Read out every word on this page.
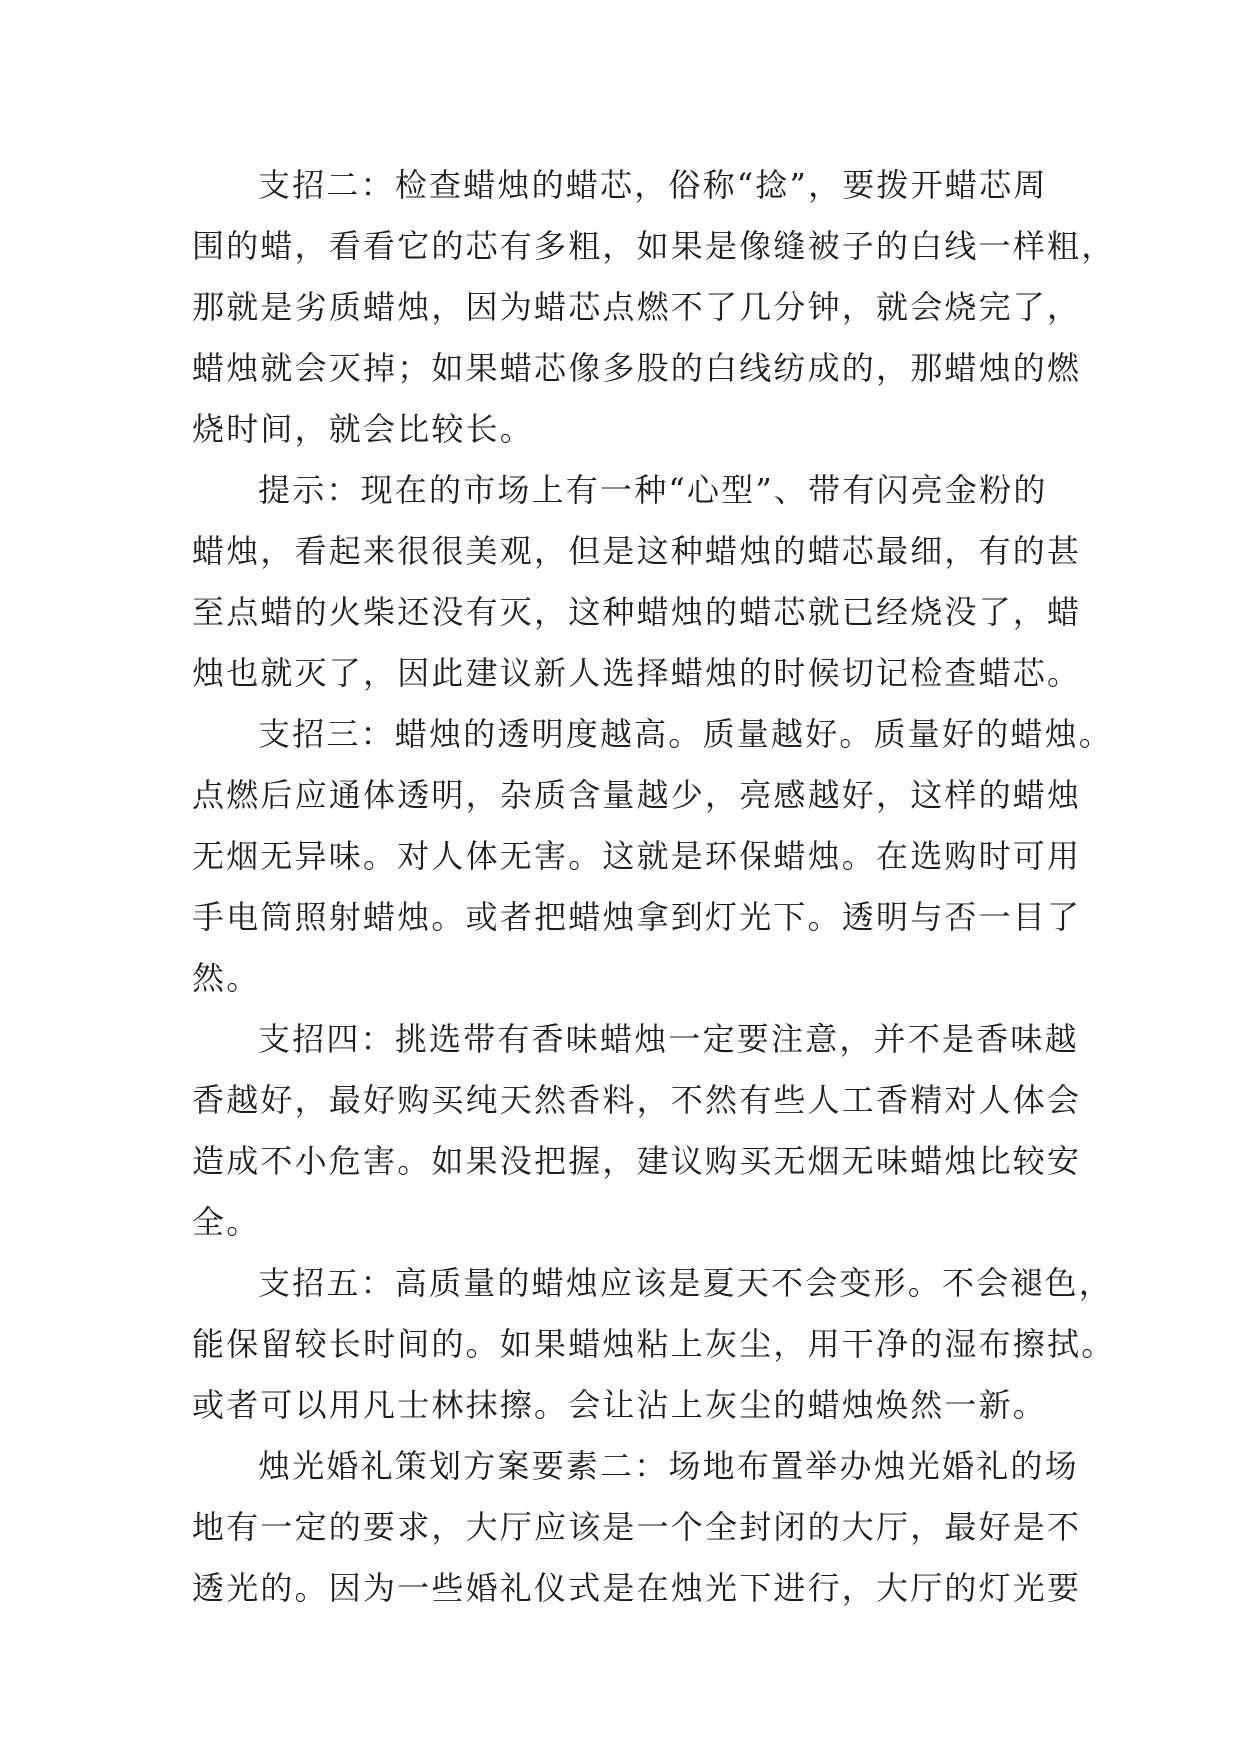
支招二：检查蜡烛的蜡芯，俗称“捻”，要拨开蜡芯周
围的蜡，看看它的芯有多粗，如果是像缝被子的白线一样粗，
那就是劣质蜡烛，因为蜡芯点燃不了几分钟，就会烧完了，
蜡烛就会灭掉；如果蜡芯像多股的白线纺成的，那蜡烛的燃
烧时间，就会比较长。
提示：现在的市场上有一种“心型”、带有闪亮金粉的
蜡烛，看起来很很美观，但是这种蜡烛的蜡芯最细，有的甚
至点蜡的火柴还没有灭，这种蜡烛的蜡芯就已经烧没了，蜡
烛也就灭了，因此建议新人选择蜡烛的时候切记检查蜡芯。
支招三：蜡烛的透明度越高。质量越好。质量好的蜡烛。
点燃后应通体透明，杂质含量越少，亮感越好，这样的蜡烛
无烟无异味。对人体无害。这就是环保蜡烛。在选购时可用
手电筒照射蜡烛。或者把蜡烛拿到灯光下。透明与否一目了
然。
支招四：挑选带有香味蜡烛一定要注意，并不是香味越
香越好，最好购买纯天然香料，不然有些人工香精对人体会
造成不小危害。如果没把握，建议购买无烟无味蜡烛比较安
全。
支招五：高质量的蜡烛应该是夏天不会变形。不会褪色，
能保留较长时间的。如果蜡烛粘上灰尘，用干净的湿布擦拭。
或者可以用凡士林抹擦。会让沾上灰尘的蜡烛焕然一新。
烛光婚礼策划方案要素二：场地布置举办烛光婚礼的场
地有一定的要求，大厅应该是一个全封闭的大厅，最好是不
透光的。因为一些婚礼仪式是在烛光下进行，大厅的灯光要
